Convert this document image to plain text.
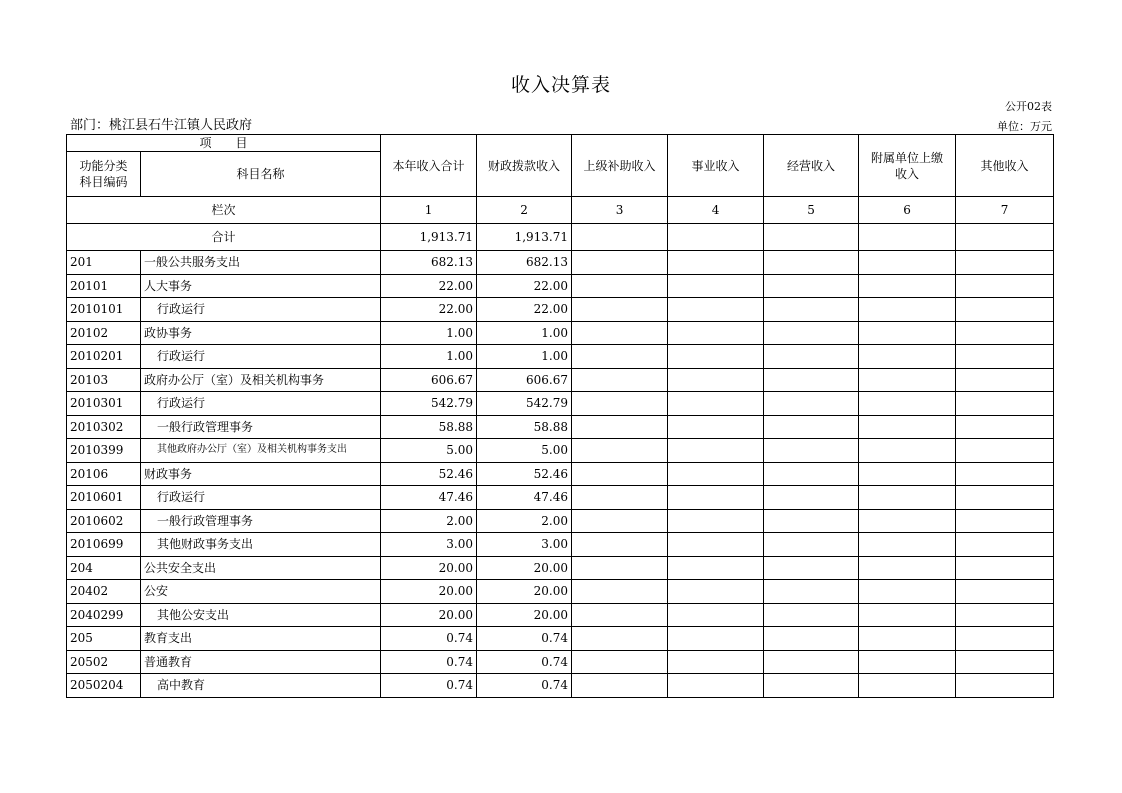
收入决算表
公开02表
部门：桃江县石牛江镇人民政府	单位：万元
项　　目		本年收入合计	财政拨款收入	上级补助收入	事业收入	经营收入	附属单位上缴收入	其他收入
功能分类
科目编码	科目名称							
栏次		1	2	3	4	5	6	7
合计		1,913.71	1,913.71					
201	一般公共服务支出	682.13	682.13					
20101	人大事务	22.00	22.00					
2010101	行政运行	22.00	22.00					
20102	政协事务	1.00	1.00					
2010201	行政运行	1.00	1.00					
20103	政府办公厅（室）及相关机构事务	606.67	606.67					
2010301	行政运行	542.79	542.79					
2010302	一般行政管理事务	58.88	58.88					
2010399	其他政府办公厅（室）及相关机构事务支出	5.00	5.00					
20106	财政事务	52.46	52.46					
2010601	行政运行	47.46	47.46					
2010602	一般行政管理事务	2.00	2.00					
2010699	其他财政事务支出	3.00	3.00					
204	公共安全支出	20.00	20.00					
20402	公安	20.00	20.00					
2040299	其他公安支出	20.00	20.00					
205	教育支出	0.74	0.74					
20502	普通教育	0.74	0.74					
2050204	高中教育	0.74	0.74					
